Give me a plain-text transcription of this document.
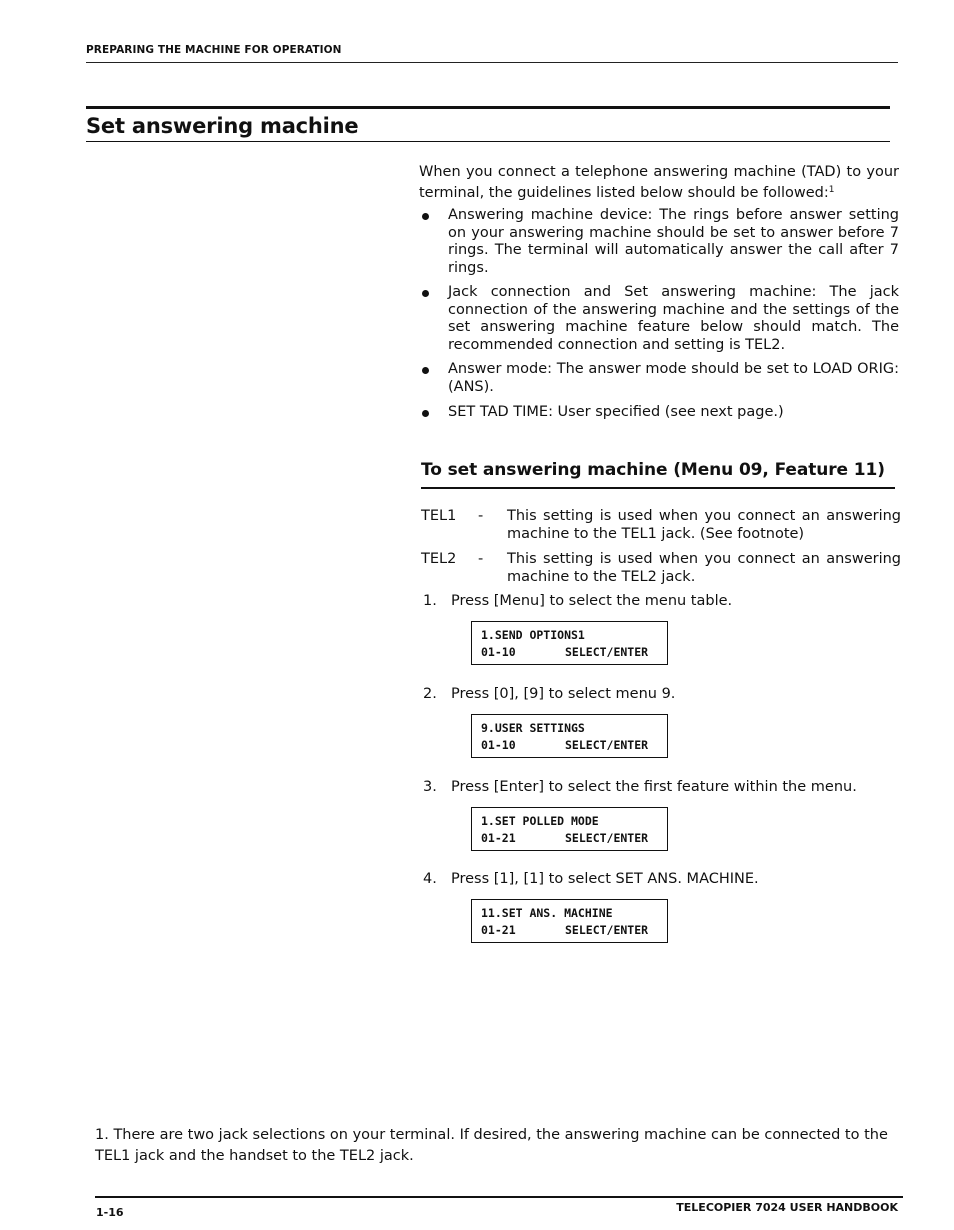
PREPARING THE MACHINE FOR OPERATION
Set answering machine
When you connect a telephone answering machine (TAD) to your terminal, the guidelines listed below should be followed:$^1$
Answering machine device: The rings before answer setting on your answering machine should be set to answer before 7 rings. The terminal will automatically answer the call after 7 rings.
Jack connection and Set answering machine: The jack connection of the answering machine and the settings of the set answering machine feature below should match. The recommended connection and setting is TEL2.
Answer mode: The answer mode should be set to LOAD ORIG: (ANS).
SET TAD TIME: User specified (see next page.)
To set answering machine (Menu 09, Feature 11)
TEL1 - This setting is used when you connect an answering machine to the TEL1 jack. (See footnote)
TEL2 - This setting is used when you connect an answering machine to the TEL2 jack.
1. Press [Menu] to select the menu table.
1.SEND OPTIONS1
01-10	SELECT/ENTER
2. Press [0], [9] to select menu 9.
9.USER SETTINGS
01-10	SELECT/ENTER
3. Press [Enter] to select the first feature within the menu.
1.SET POLLED MODE
01-21	SELECT/ENTER
4. Press [1], [1] to select SET ANS. MACHINE.
11.SET ANS. MACHINE
01-21	SELECT/ENTER
1. There are two jack selections on your terminal. If desired, the answering machine can be connected to the TEL1 jack and the handset to the TEL2 jack.
1-16	TELECOPIER 7024 USER HANDBOOK
